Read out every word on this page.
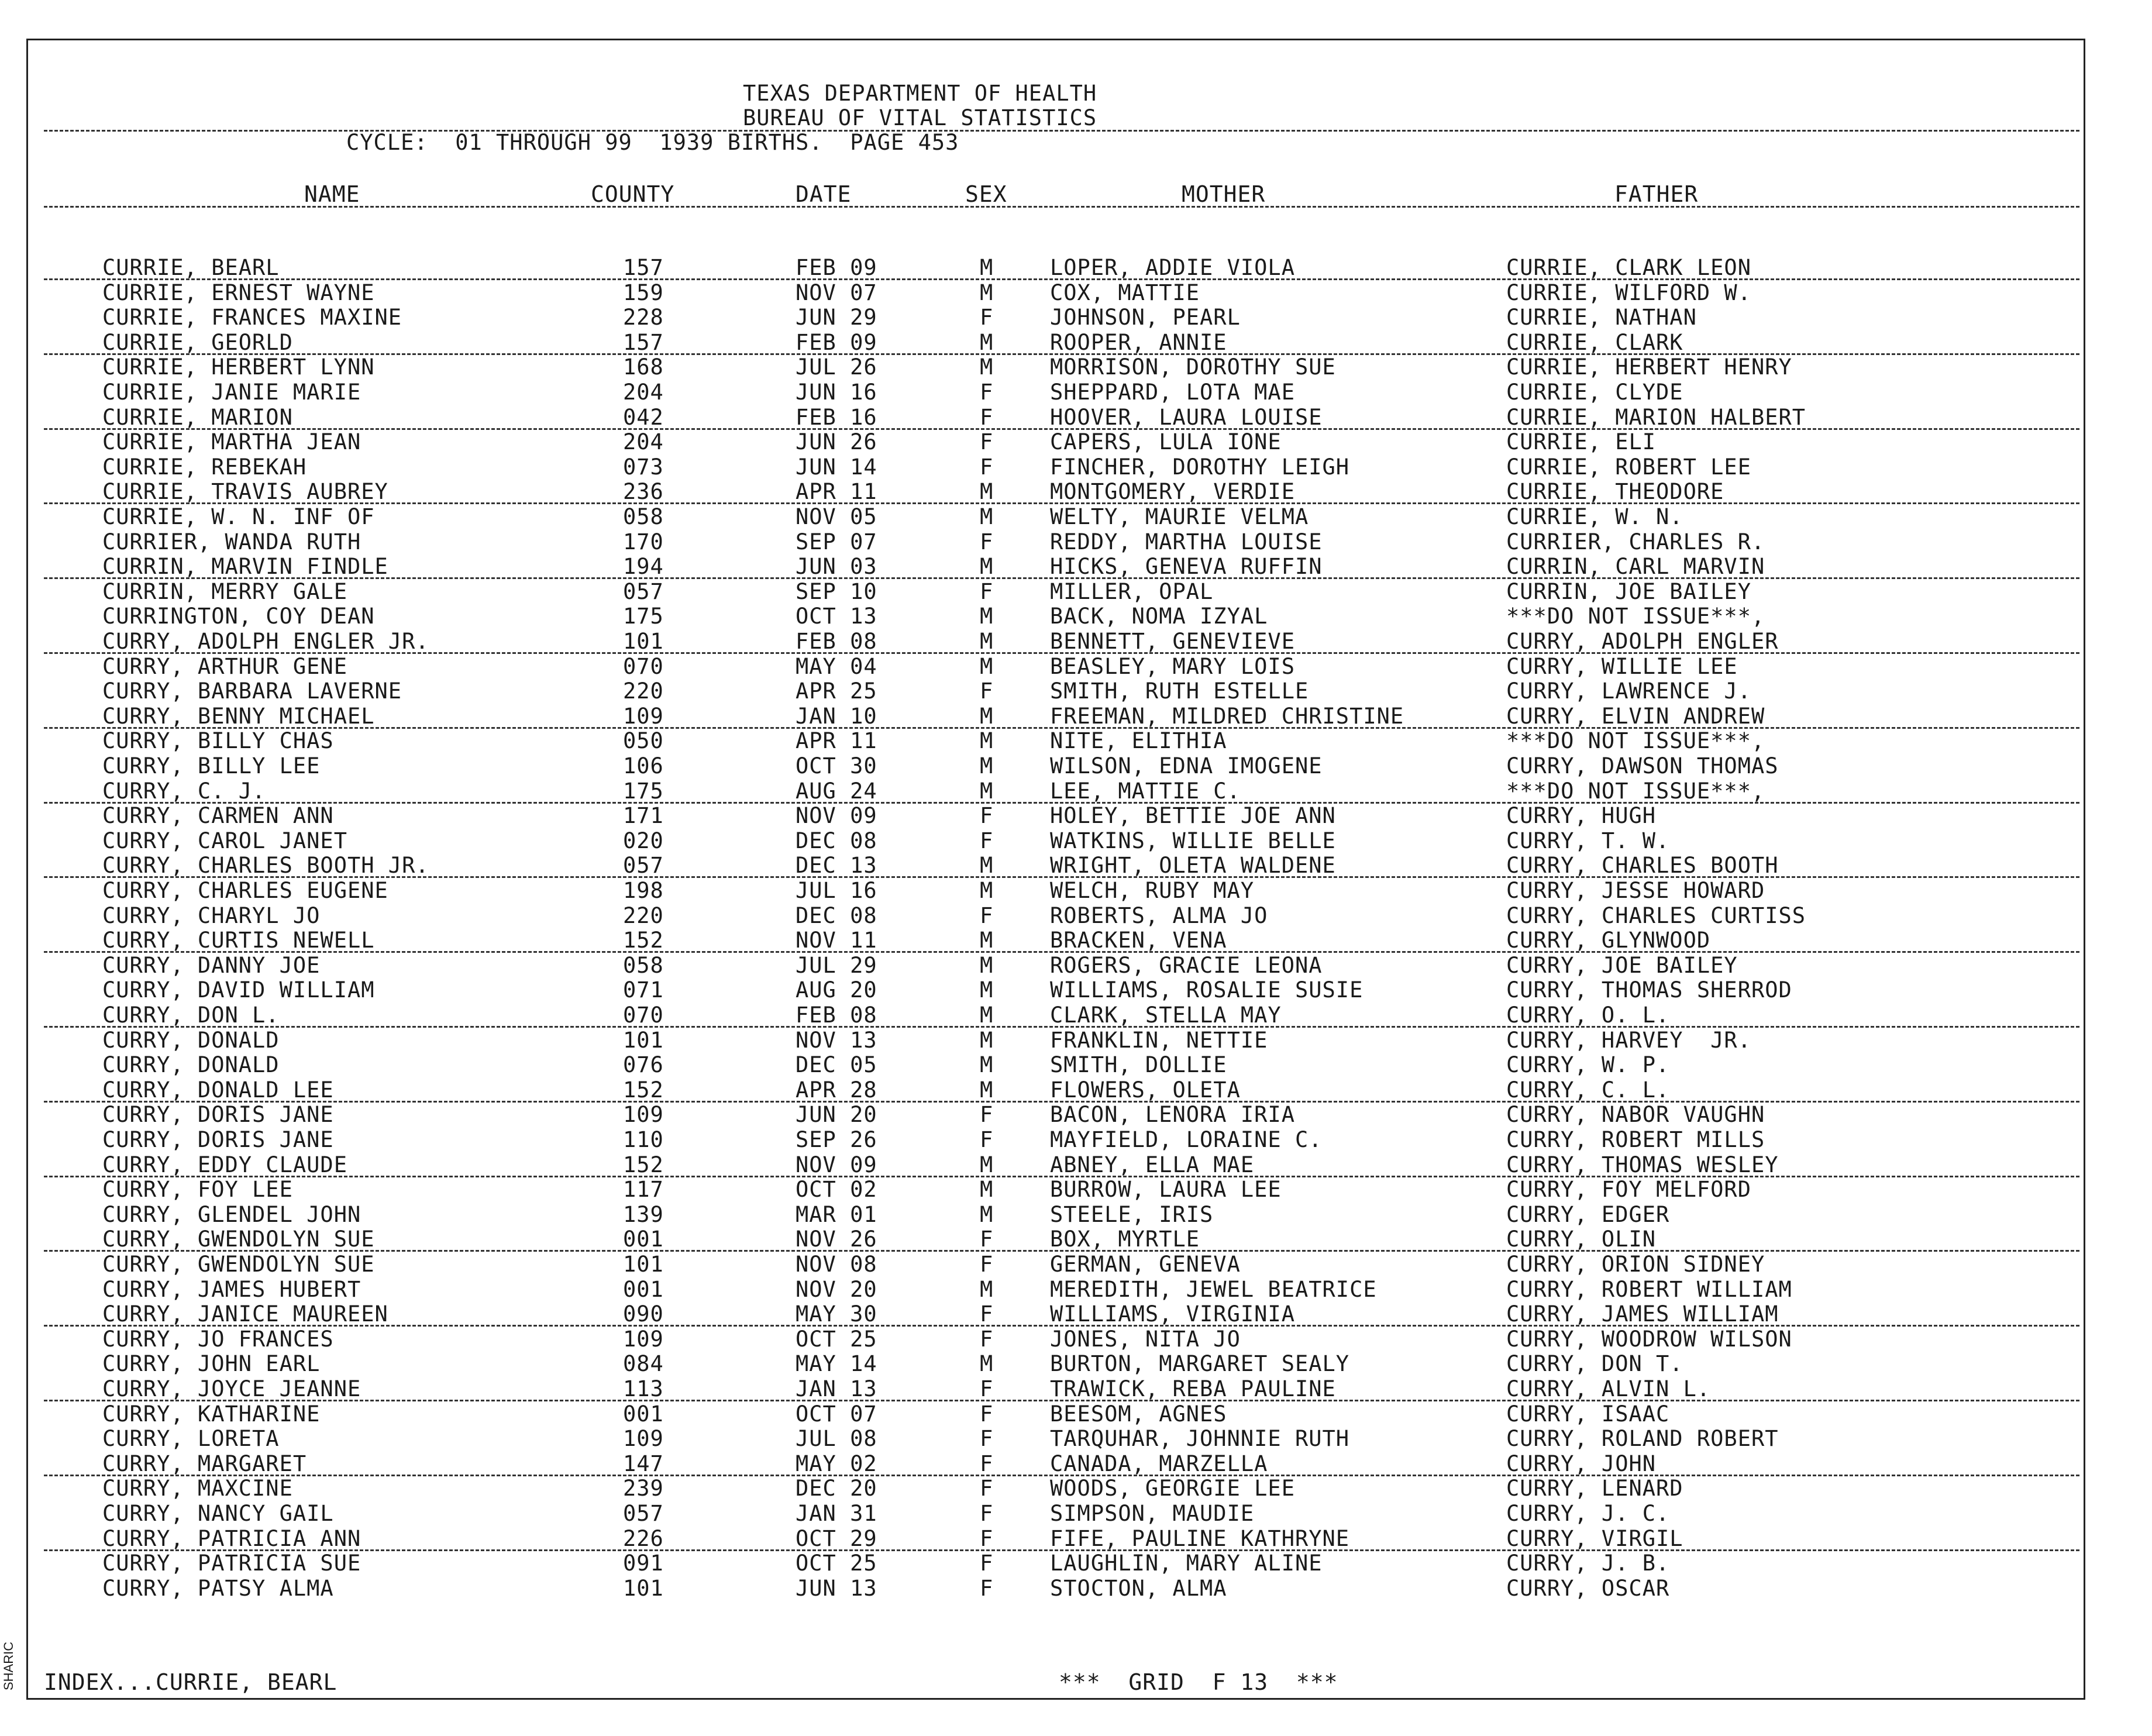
TEXAS DEPARTMENT OF HEALTH
BUREAU OF VITAL STATISTICS
CYCLE:  01 THROUGH 99  1939 BIRTHS.  PAGE 453
NAME	COUNTY	DATE	SEX	MOTHER	FATHER
CURRIE, BEARL	157	FEB 09	M	LOPER, ADDIE VIOLA	CURRIE, CLARK LEON
CURRIE, ERNEST WAYNE	159	NOV 07	M	COX, MATTIE	CURRIE, WILFORD W.
CURRIE, FRANCES MAXINE	228	JUN 29	F	JOHNSON, PEARL	CURRIE, NATHAN
CURRIE, GEORLD	157	FEB 09	M	ROOPER, ANNIE	CURRIE, CLARK
CURRIE, HERBERT LYNN	168	JUL 26	M	MORRISON, DOROTHY SUE	CURRIE, HERBERT HENRY
CURRIE, JANIE MARIE	204	JUN 16	F	SHEPPARD, LOTA MAE	CURRIE, CLYDE
CURRIE, MARION	042	FEB 16	F	HOOVER, LAURA LOUISE	CURRIE, MARION HALBERT
CURRIE, MARTHA JEAN	204	JUN 26	F	CAPERS, LULA IONE	CURRIE, ELI
CURRIE, REBEKAH	073	JUN 14	F	FINCHER, DOROTHY LEIGH	CURRIE, ROBERT LEE
CURRIE, TRAVIS AUBREY	236	APR 11	M	MONTGOMERY, VERDIE	CURRIE, THEODORE
CURRIE, W. N. INF OF	058	NOV 05	M	WELTY, MAURIE VELMA	CURRIE, W. N.
CURRIER, WANDA RUTH	170	SEP 07	F	REDDY, MARTHA LOUISE	CURRIER, CHARLES R.
CURRIN, MARVIN FINDLE	194	JUN 03	M	HICKS, GENEVA RUFFIN	CURRIN, CARL MARVIN
CURRIN, MERRY GALE	057	SEP 10	F	MILLER, OPAL	CURRIN, JOE BAILEY
CURRINGTON, COY DEAN	175	OCT 13	M	BACK, NOMA IZYAL	***DO NOT ISSUE***,
CURRY, ADOLPH ENGLER JR.	101	FEB 08	M	BENNETT, GENEVIEVE	CURRY, ADOLPH ENGLER
CURRY, ARTHUR GENE	070	MAY 04	M	BEASLEY, MARY LOIS	CURRY, WILLIE LEE
CURRY, BARBARA LAVERNE	220	APR 25	F	SMITH, RUTH ESTELLE	CURRY, LAWRENCE J.
CURRY, BENNY MICHAEL	109	JAN 10	M	FREEMAN, MILDRED CHRISTINE	CURRY, ELVIN ANDREW
CURRY, BILLY CHAS	050	APR 11	M	NITE, ELITHIA	***DO NOT ISSUE***,
CURRY, BILLY LEE	106	OCT 30	M	WILSON, EDNA IMOGENE	CURRY, DAWSON THOMAS
CURRY, C. J.	175	AUG 24	M	LEE, MATTIE C.	***DO NOT ISSUE***,
CURRY, CARMEN ANN	171	NOV 09	F	HOLEY, BETTIE JOE ANN	CURRY, HUGH
CURRY, CAROL JANET	020	DEC 08	F	WATKINS, WILLIE BELLE	CURRY, T. W.
CURRY, CHARLES BOOTH JR.	057	DEC 13	M	WRIGHT, OLETA WALDENE	CURRY, CHARLES BOOTH
CURRY, CHARLES EUGENE	198	JUL 16	M	WELCH, RUBY MAY	CURRY, JESSE HOWARD
CURRY, CHARYL JO	220	DEC 08	F	ROBERTS, ALMA JO	CURRY, CHARLES CURTISS
CURRY, CURTIS NEWELL	152	NOV 11	M	BRACKEN, VENA	CURRY, GLYNWOOD
CURRY, DANNY JOE	058	JUL 29	M	ROGERS, GRACIE LEONA	CURRY, JOE BAILEY
CURRY, DAVID WILLIAM	071	AUG 20	M	WILLIAMS, ROSALIE SUSIE	CURRY, THOMAS SHERROD
CURRY, DON L.	070	FEB 08	M	CLARK, STELLA MAY	CURRY, O. L.
CURRY, DONALD	101	NOV 13	M	FRANKLIN, NETTIE	CURRY, HARVEY  JR.
CURRY, DONALD	076	DEC 05	M	SMITH, DOLLIE	CURRY, W. P.
CURRY, DONALD LEE	152	APR 28	M	FLOWERS, OLETA	CURRY, C. L.
CURRY, DORIS JANE	109	JUN 20	F	BACON, LENORA IRIA	CURRY, NABOR VAUGHN
CURRY, DORIS JANE	110	SEP 26	F	MAYFIELD, LORAINE C.	CURRY, ROBERT MILLS
CURRY, EDDY CLAUDE	152	NOV 09	M	ABNEY, ELLA MAE	CURRY, THOMAS WESLEY
CURRY, FOY LEE	117	OCT 02	M	BURROW, LAURA LEE	CURRY, FOY MELFORD
CURRY, GLENDEL JOHN	139	MAR 01	M	STEELE, IRIS	CURRY, EDGER
CURRY, GWENDOLYN SUE	001	NOV 26	F	BOX, MYRTLE	CURRY, OLIN
CURRY, GWENDOLYN SUE	101	NOV 08	F	GERMAN, GENEVA	CURRY, ORION SIDNEY
CURRY, JAMES HUBERT	001	NOV 20	M	MEREDITH, JEWEL BEATRICE	CURRY, ROBERT WILLIAM
CURRY, JANICE MAUREEN	090	MAY 30	F	WILLIAMS, VIRGINIA	CURRY, JAMES WILLIAM
CURRY, JO FRANCES	109	OCT 25	F	JONES, NITA JO	CURRY, WOODROW WILSON
CURRY, JOHN EARL	084	MAY 14	M	BURTON, MARGARET SEALY	CURRY, DON T.
CURRY, JOYCE JEANNE	113	JAN 13	F	TRAWICK, REBA PAULINE	CURRY, ALVIN L.
CURRY, KATHARINE	001	OCT 07	F	BEESOM, AGNES	CURRY, ISAAC
CURRY, LORETA	109	JUL 08	F	TARQUHAR, JOHNNIE RUTH	CURRY, ROLAND ROBERT
CURRY, MARGARET	147	MAY 02	F	CANADA, MARZELLA	CURRY, JOHN
CURRY, MAXCINE	239	DEC 20	F	WOODS, GEORGIE LEE	CURRY, LENARD
CURRY, NANCY GAIL	057	JAN 31	F	SIMPSON, MAUDIE	CURRY, J. C.
CURRY, PATRICIA ANN	226	OCT 29	F	FIFE, PAULINE KATHRYNE	CURRY, VIRGIL
CURRY, PATRICIA SUE	091	OCT 25	F	LAUGHLIN, MARY ALINE	CURRY, J. B.
CURRY, PATSY ALMA	101	JUN 13	F	STOCTON, ALMA	CURRY, OSCAR
INDEX...CURRIE, BEARL	***  GRID  F 13  ***
SHARIC
